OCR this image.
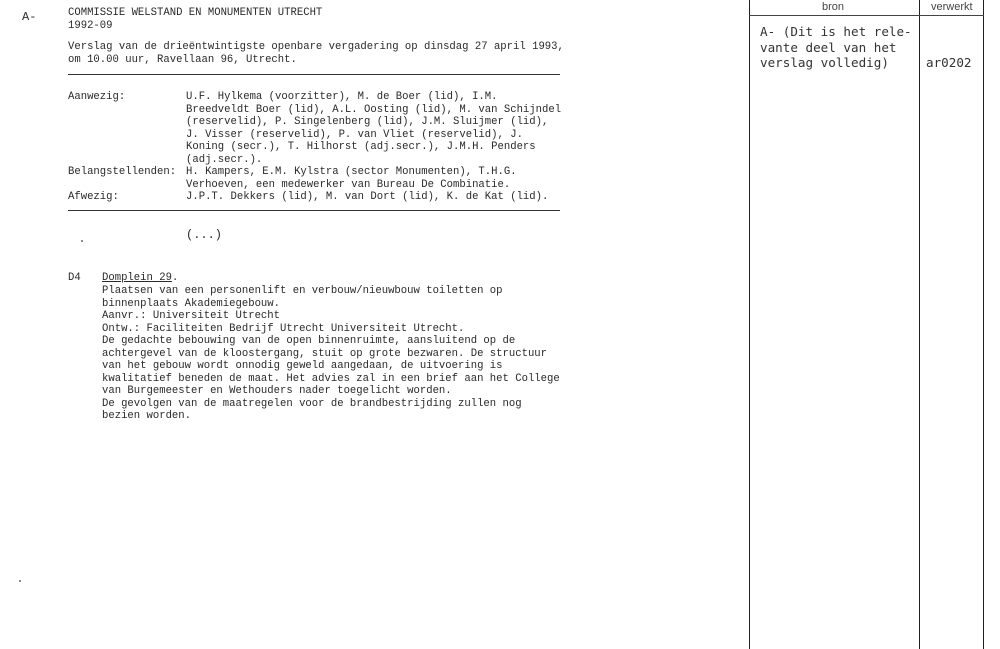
A-	COMMISSIE WELSTAND EN MONUMENTEN UTRECHT
1992-09
Verslag van de drieëntwintigste openbare vergadering op dinsdag 27 april 1993,
om 10.00 uur, Ravellaan 96, Utrecht.
Aanwezig:	U.F. Hylkema (voorzitter), M. de Boer (lid), I.M.
Breedveldt Boer (lid), A.L. Oosting (lid), M. van Schijndel
(reservelid), P. Singelenberg (lid), J.M. Sluijmer (lid),
J. Visser (reservelid), P. van Vliet (reservelid), J.
Koning (secr.), T. Hilhorst (adj.secr.), J.M.H. Penders
(adj.secr.).
Belangstellenden: H. Kampers, E.M. Kylstra (sector Monumenten), T.H.G.
Verhoeven, een medewerker van Bureau De Combinatie.
Afwezig:	J.P.T. Dekkers (lid), M. van Dort (lid), K. de Kat (lid).
(...)
D4 Domplein 29.
Plaatsen van een personenlift en verbouw/nieuwbouw toiletten op
binnenplaats Akademiegebouw.
Aanvr.: Universiteit Utrecht
Ontw.: Faciliteiten Bedrijf Utrecht Universiteit Utrecht.
De gedachte bebouwing van de open binnenruimte, aansluitend op de
achtergevel van de kloostergang, stuit op grote bezwaren. De structuur
van het gebouw wordt onnodig geweld aangedaan, de uitvoering is
kwalitatief beneden de maat. Het advies zal in een brief aan het College
van Burgemeester en Wethouders nader toegelicht worden.
De gevolgen van de maatregelen voor de brandbestrijding zullen nog
bezien worden.
bron	verwerkt
A- (Dit is het rele-
vante deel van het
verslag volledig)	ar0202
